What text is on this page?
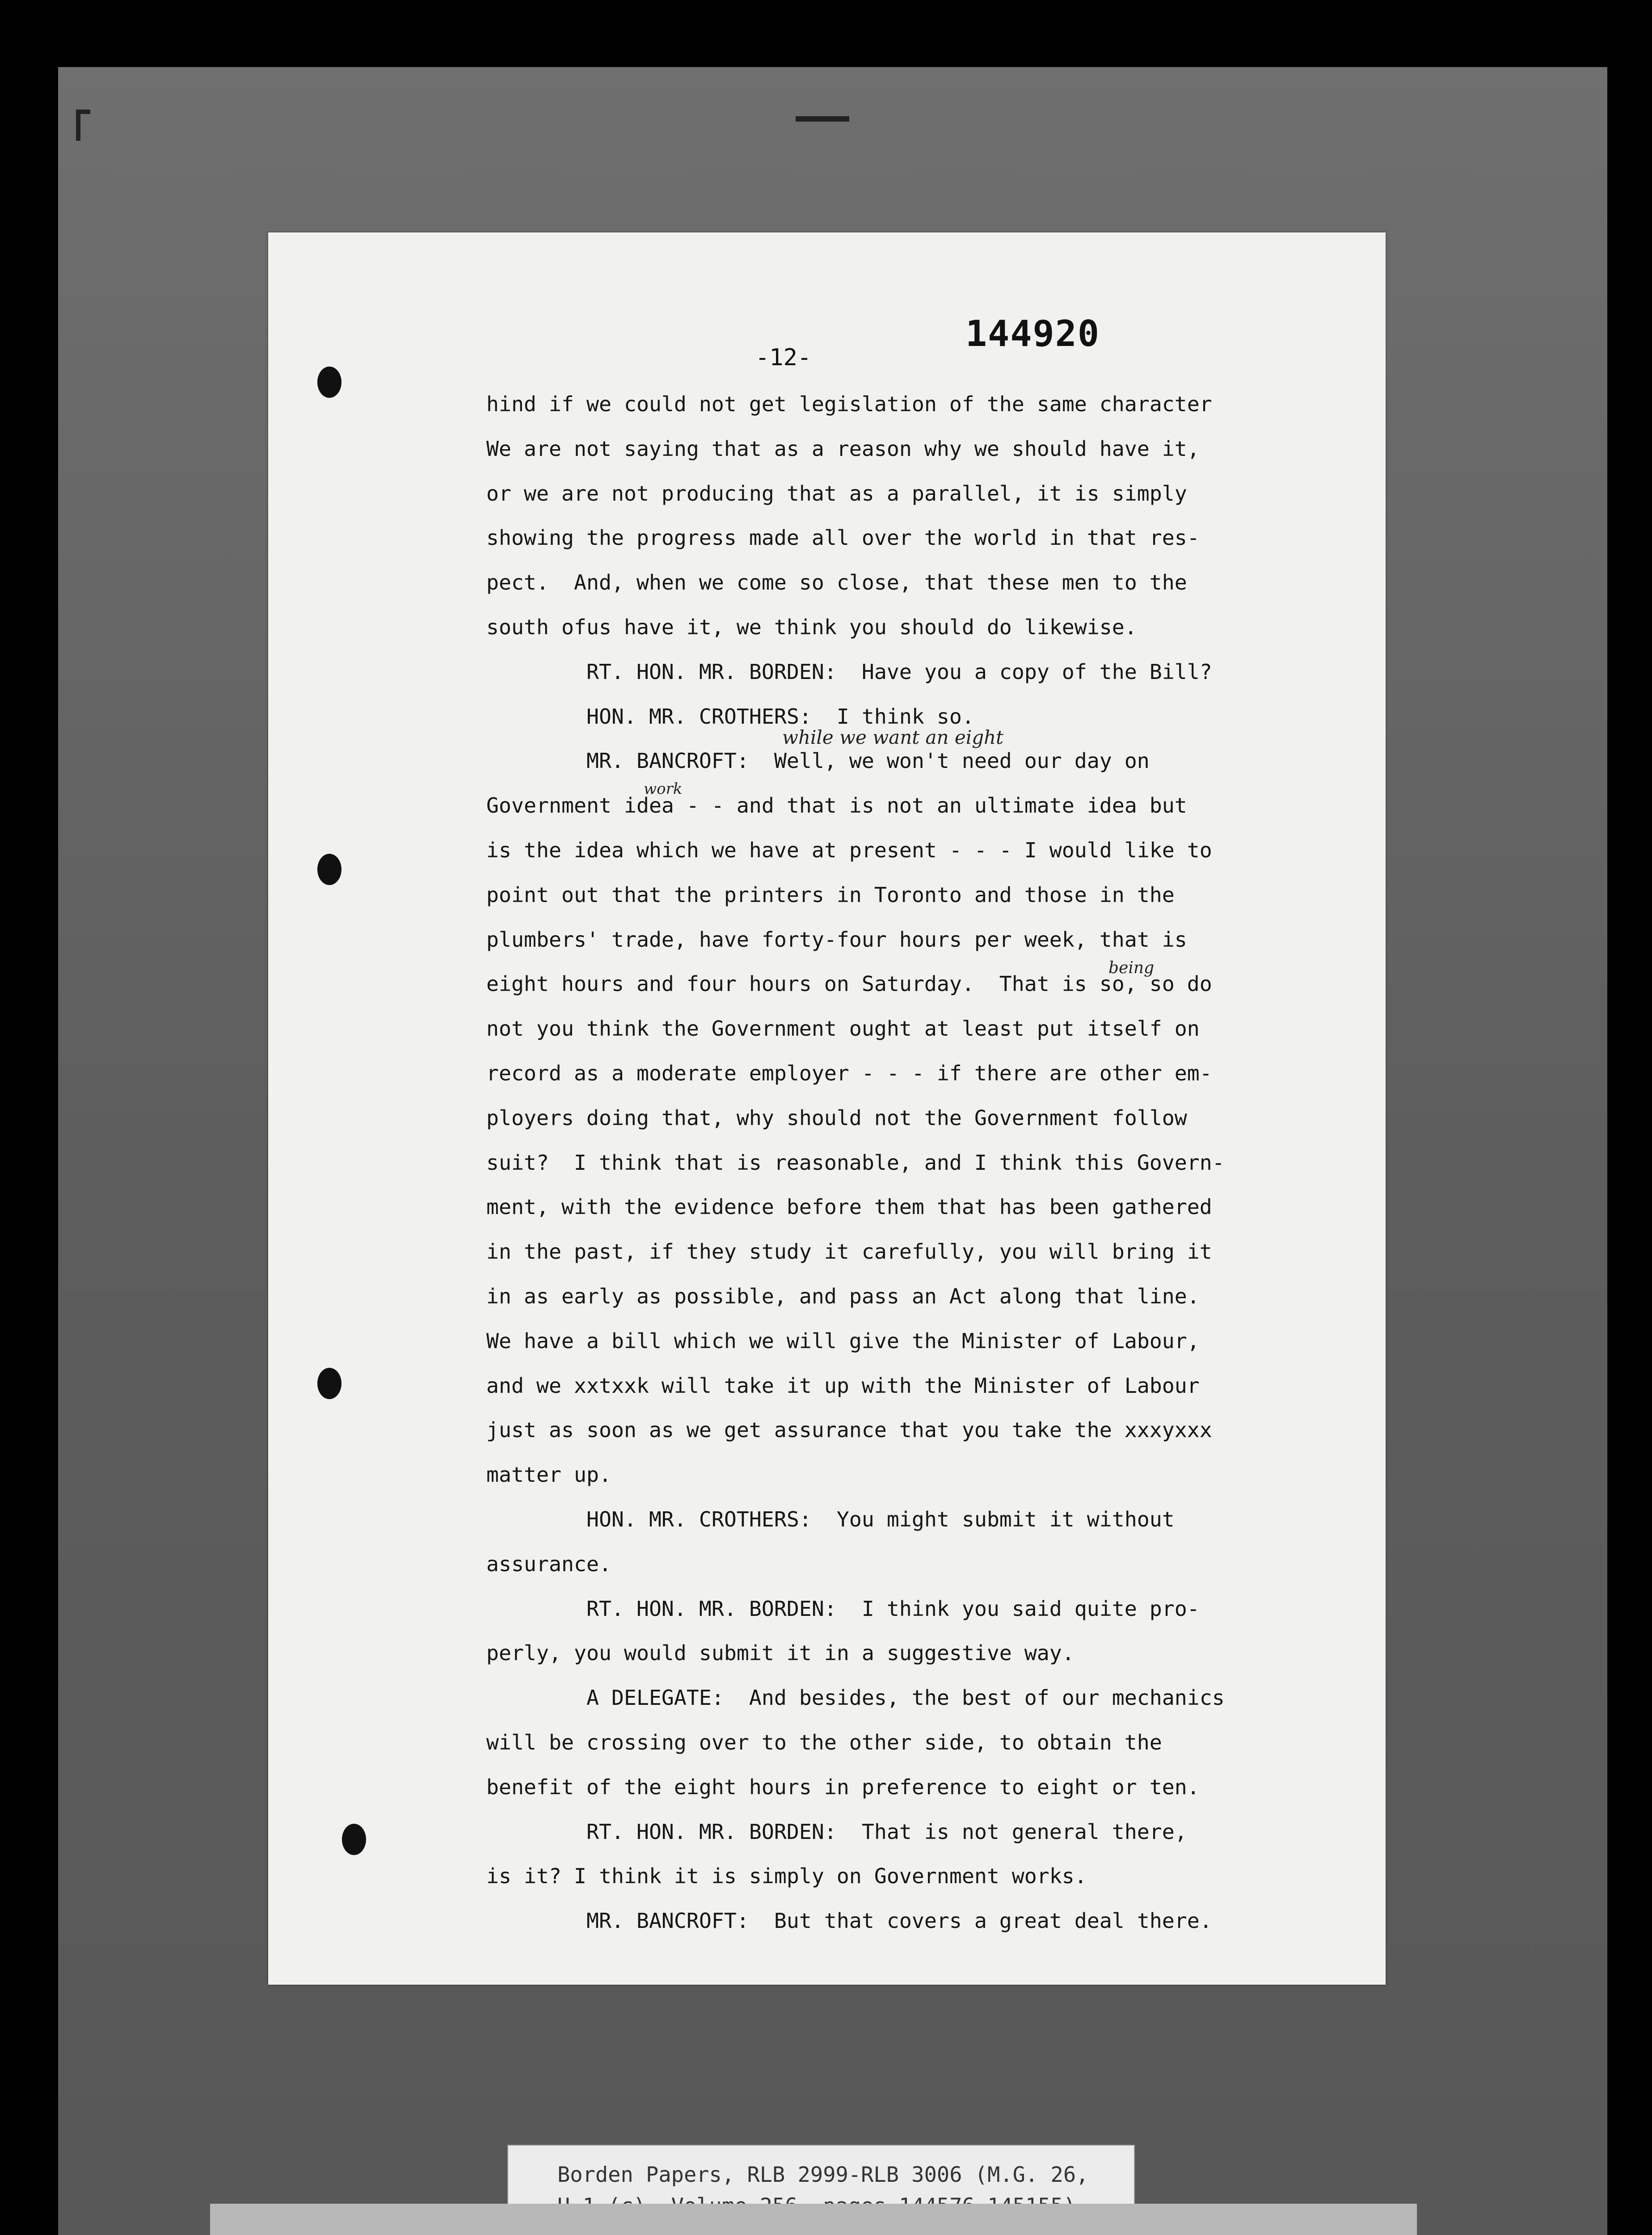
-12-
144920
while we want an eight
work
being
hind if we could not get legislation of the same character
We are not saying that as a reason why we should have it,
or we are not producing that as a parallel, it is simply
showing the progress made all over the world in that res-
pect.  And, when we come so close, that these men to the
south ofus have it, we think you should do likewise.
RT. HON. MR. BORDEN:  Have you a copy of the Bill?
HON. MR. CROTHERS:  I think so.
MR. BANCROFT:  Well, we won't need our day on
Government idea - - and that is not an ultimate idea but
is the idea which we have at present - - - I would like to
point out that the printers in Toronto and those in the
plumbers' trade, have forty-four hours per week, that is
eight hours and four hours on Saturday.  That is so, so do
not you think the Government ought at least put itself on
record as a moderate employer - - - if there are other em-
ployers doing that, why should not the Government follow
suit?  I think that is reasonable, and I think this Govern-
ment, with the evidence before them that has been gathered
in the past, if they study it carefully, you will bring it
in as early as possible, and pass an Act along that line.
We have a bill which we will give the Minister of Labour,
and we xxtxxk will take it up with the Minister of Labour
just as soon as we get assurance that you take the xxxyxxx
matter up.
HON. MR. CROTHERS:  You might submit it without
assurance.
RT. HON. MR. BORDEN:  I think you said quite pro-
perly, you would submit it in a suggestive way.
A DELEGATE:  And besides, the best of our mechanics
will be crossing over to the other side, to obtain the
benefit of the eight hours in preference to eight or ten.
RT. HON. MR. BORDEN:  That is not general there,
is it? I think it is simply on Government works.
MR. BANCROFT:  But that covers a great deal there.
Borden Papers, RLB 2999-RLB 3006 (M.G. 26,
